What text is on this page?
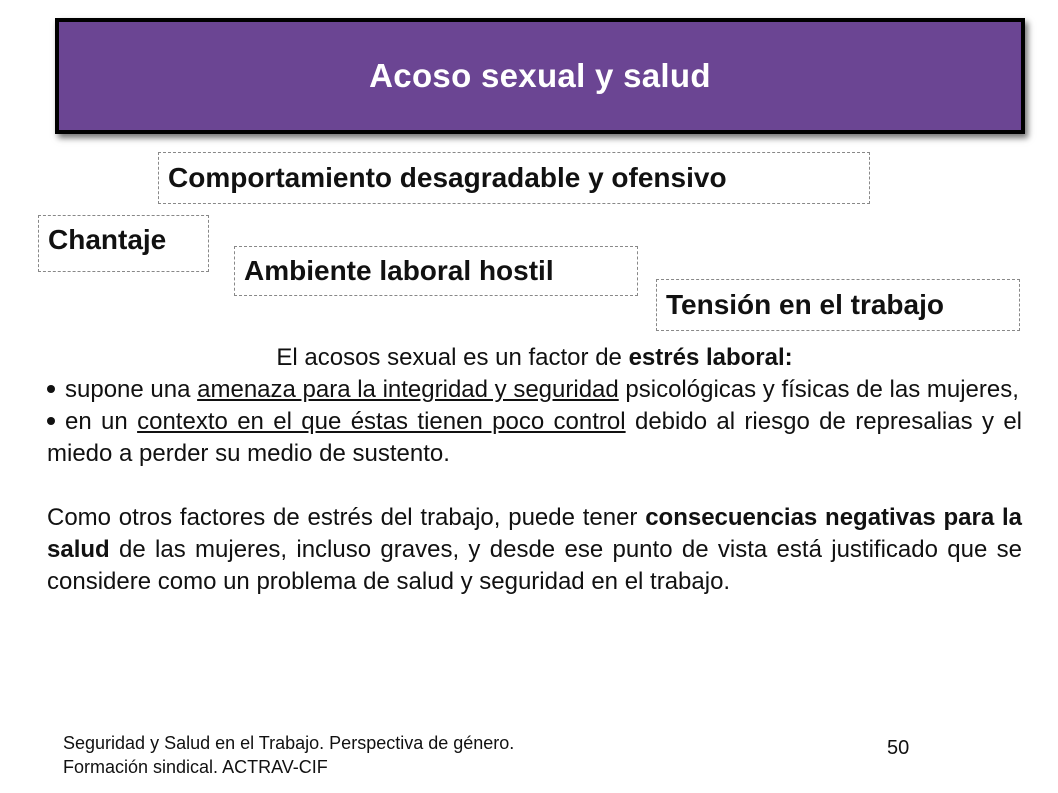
Acoso sexual y salud
Comportamiento desagradable y ofensivo
Chantaje
Ambiente laboral hostil
Tensión en el trabajo

El acosos sexual es un factor de estrés laboral:

supone una amenaza para la integridad y seguridad psicológicas y físicas de las mujeres,

en un contexto en el que éstas tienen poco control debido al riesgo de represalias y el miedo a perder su medio de sustento.

Como otros factores de estrés del trabajo, puede tener consecuencias negativas para la salud de las mujeres, incluso graves, y desde ese punto de vista está justificado que se considere como un problema de salud y seguridad en el trabajo.

Seguridad y Salud en el Trabajo. Perspectiva de género.
Formación sindical. ACTRAV-CIF
50
